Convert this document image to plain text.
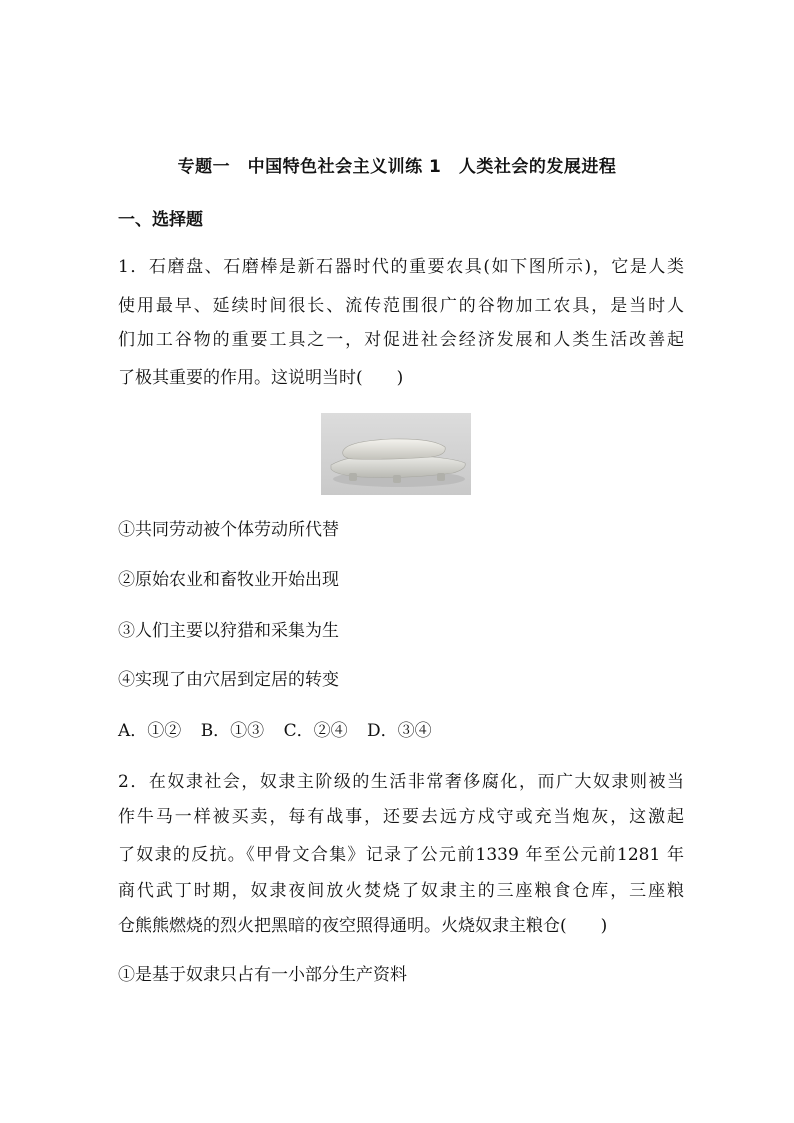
专题一　中国特色社会主义训练 1　人类社会的发展进程
一、选择题
1．石磨盘、石磨棒是新石器时代的重要农具(如下图所示)，它是人类
使用最早、延续时间很长、流传范围很广的谷物加工农具，是当时人
们加工谷物的重要工具之一，对促进社会经济发展和人类生活改善起
了极其重要的作用。这说明当时(　　)
①共同劳动被个体劳动所代替
②原始农业和畜牧业开始出现
③人们主要以狩猎和采集为生
④实现了由穴居到定居的转变
A．①② B．①③ C．②④ D．③④
2．在奴隶社会，奴隶主阶级的生活非常奢侈腐化，而广大奴隶则被当
作牛马一样被买卖，每有战事，还要去远方戍守或充当炮灰，这激起
了奴隶的反抗。《甲骨文合集》记录了公元前1339 年至公元前1281 年
商代武丁时期，奴隶夜间放火焚烧了奴隶主的三座粮食仓库，三座粮
仓熊熊燃烧的烈火把黑暗的夜空照得通明。火烧奴隶主粮仓(　　)
①是基于奴隶只占有一小部分生产资料
